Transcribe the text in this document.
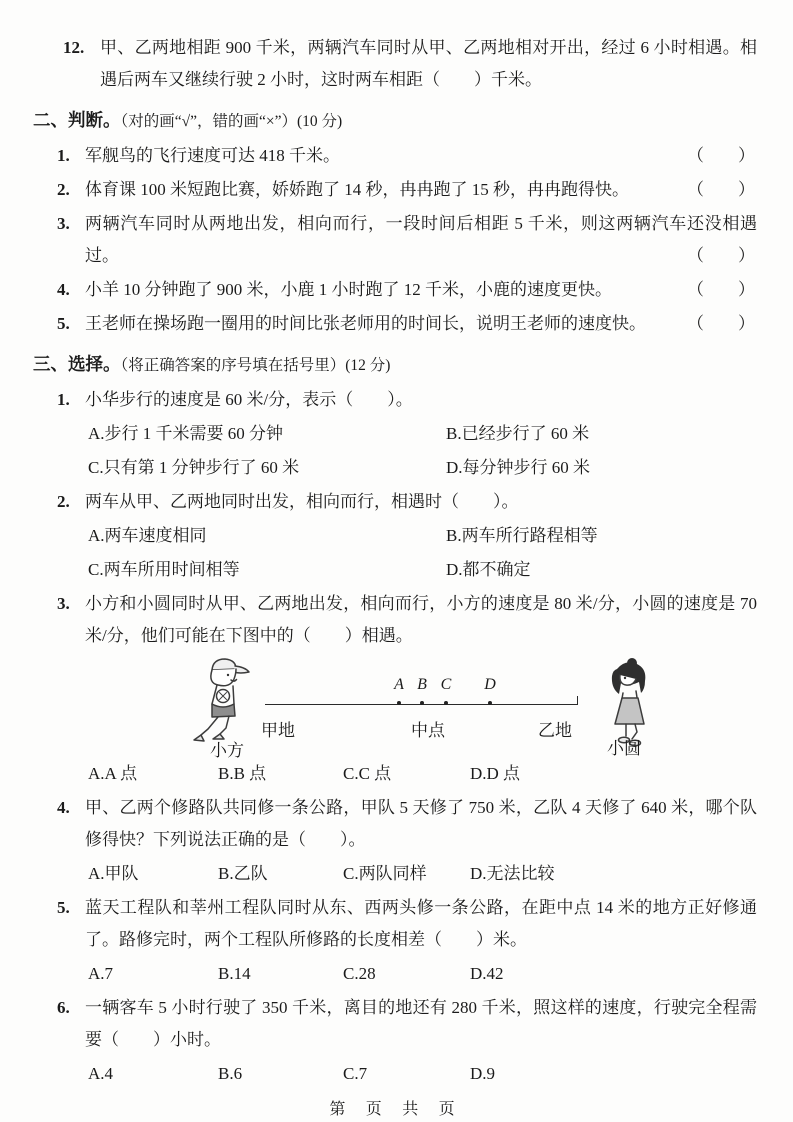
12. 甲、乙两地相距 900 千米，两辆汽车同时从甲、乙两地相对开出，经过 6 小时相遇。相遇后两车又继续行驶 2 小时，这时两车相距（　　）千米。
二、判断。（对的画“√”，错的画“×”）(10 分)
1. 军舰鸟的飞行速度可达 418 千米。	（　　）
2. 体育课 100 米短跑比赛，娇娇跑了 14 秒，冉冉跑了 15 秒，冉冉跑得快。	（　　）
3. 两辆汽车同时从两地出发，相向而行，一段时间后相距 5 千米，则这两辆汽车还没相遇过。	（　　）
4. 小羊 10 分钟跑了 900 米，小鹿 1 小时跑了 12 千米，小鹿的速度更快。	（　　）
5. 王老师在操场跑一圈用的时间比张老师用的时间长，说明王老师的速度快。 （　　）
三、选择。（将正确答案的序号填在括号里）(12 分)
1. 小华步行的速度是 60 米/分，表示（　　）。
A.步行 1 千米需要 60 分钟	B.已经步行了 60 米
C.只有第 1 分钟步行了 60 米	D.每分钟步行 60 米
2. 两车从甲、乙两地同时出发，相向而行，相遇时（　　）。
A.两车速度相同	B.两车所行路程相等
C.两车所用时间相等	D.都不确定
3. 小方和小圆同时从甲、乙两地出发，相向而行，小方的速度是 80 米/分，小圆的速度是 70 米/分，他们可能在下图中的（　　）相遇。
小方
甲地
A B C D
中点	乙地
小圆
A.A 点	B.B 点	C.C 点	D.D 点
4. 甲、乙两个修路队共同修一条公路，甲队 5 天修了 750 米，乙队 4 天修了 640 米，哪个队修得快？下列说法正确的是（　　）。
A.甲队	B.乙队	C.两队同样	D.无法比较
5. 蓝天工程队和莘州工程队同时从东、西两头修一条公路，在距中点 14 米的地方正好修通了。路修完时，两个工程队所修路的长度相差（　　）米。
A.7	B.14	C.28	D.42
6. 一辆客车 5 小时行驶了 350 千米，离目的地还有 280 千米，照这样的速度，行驶完全程需要（　　）小时。
A.4	B.6	C.7	D.9
第 页 共 页
